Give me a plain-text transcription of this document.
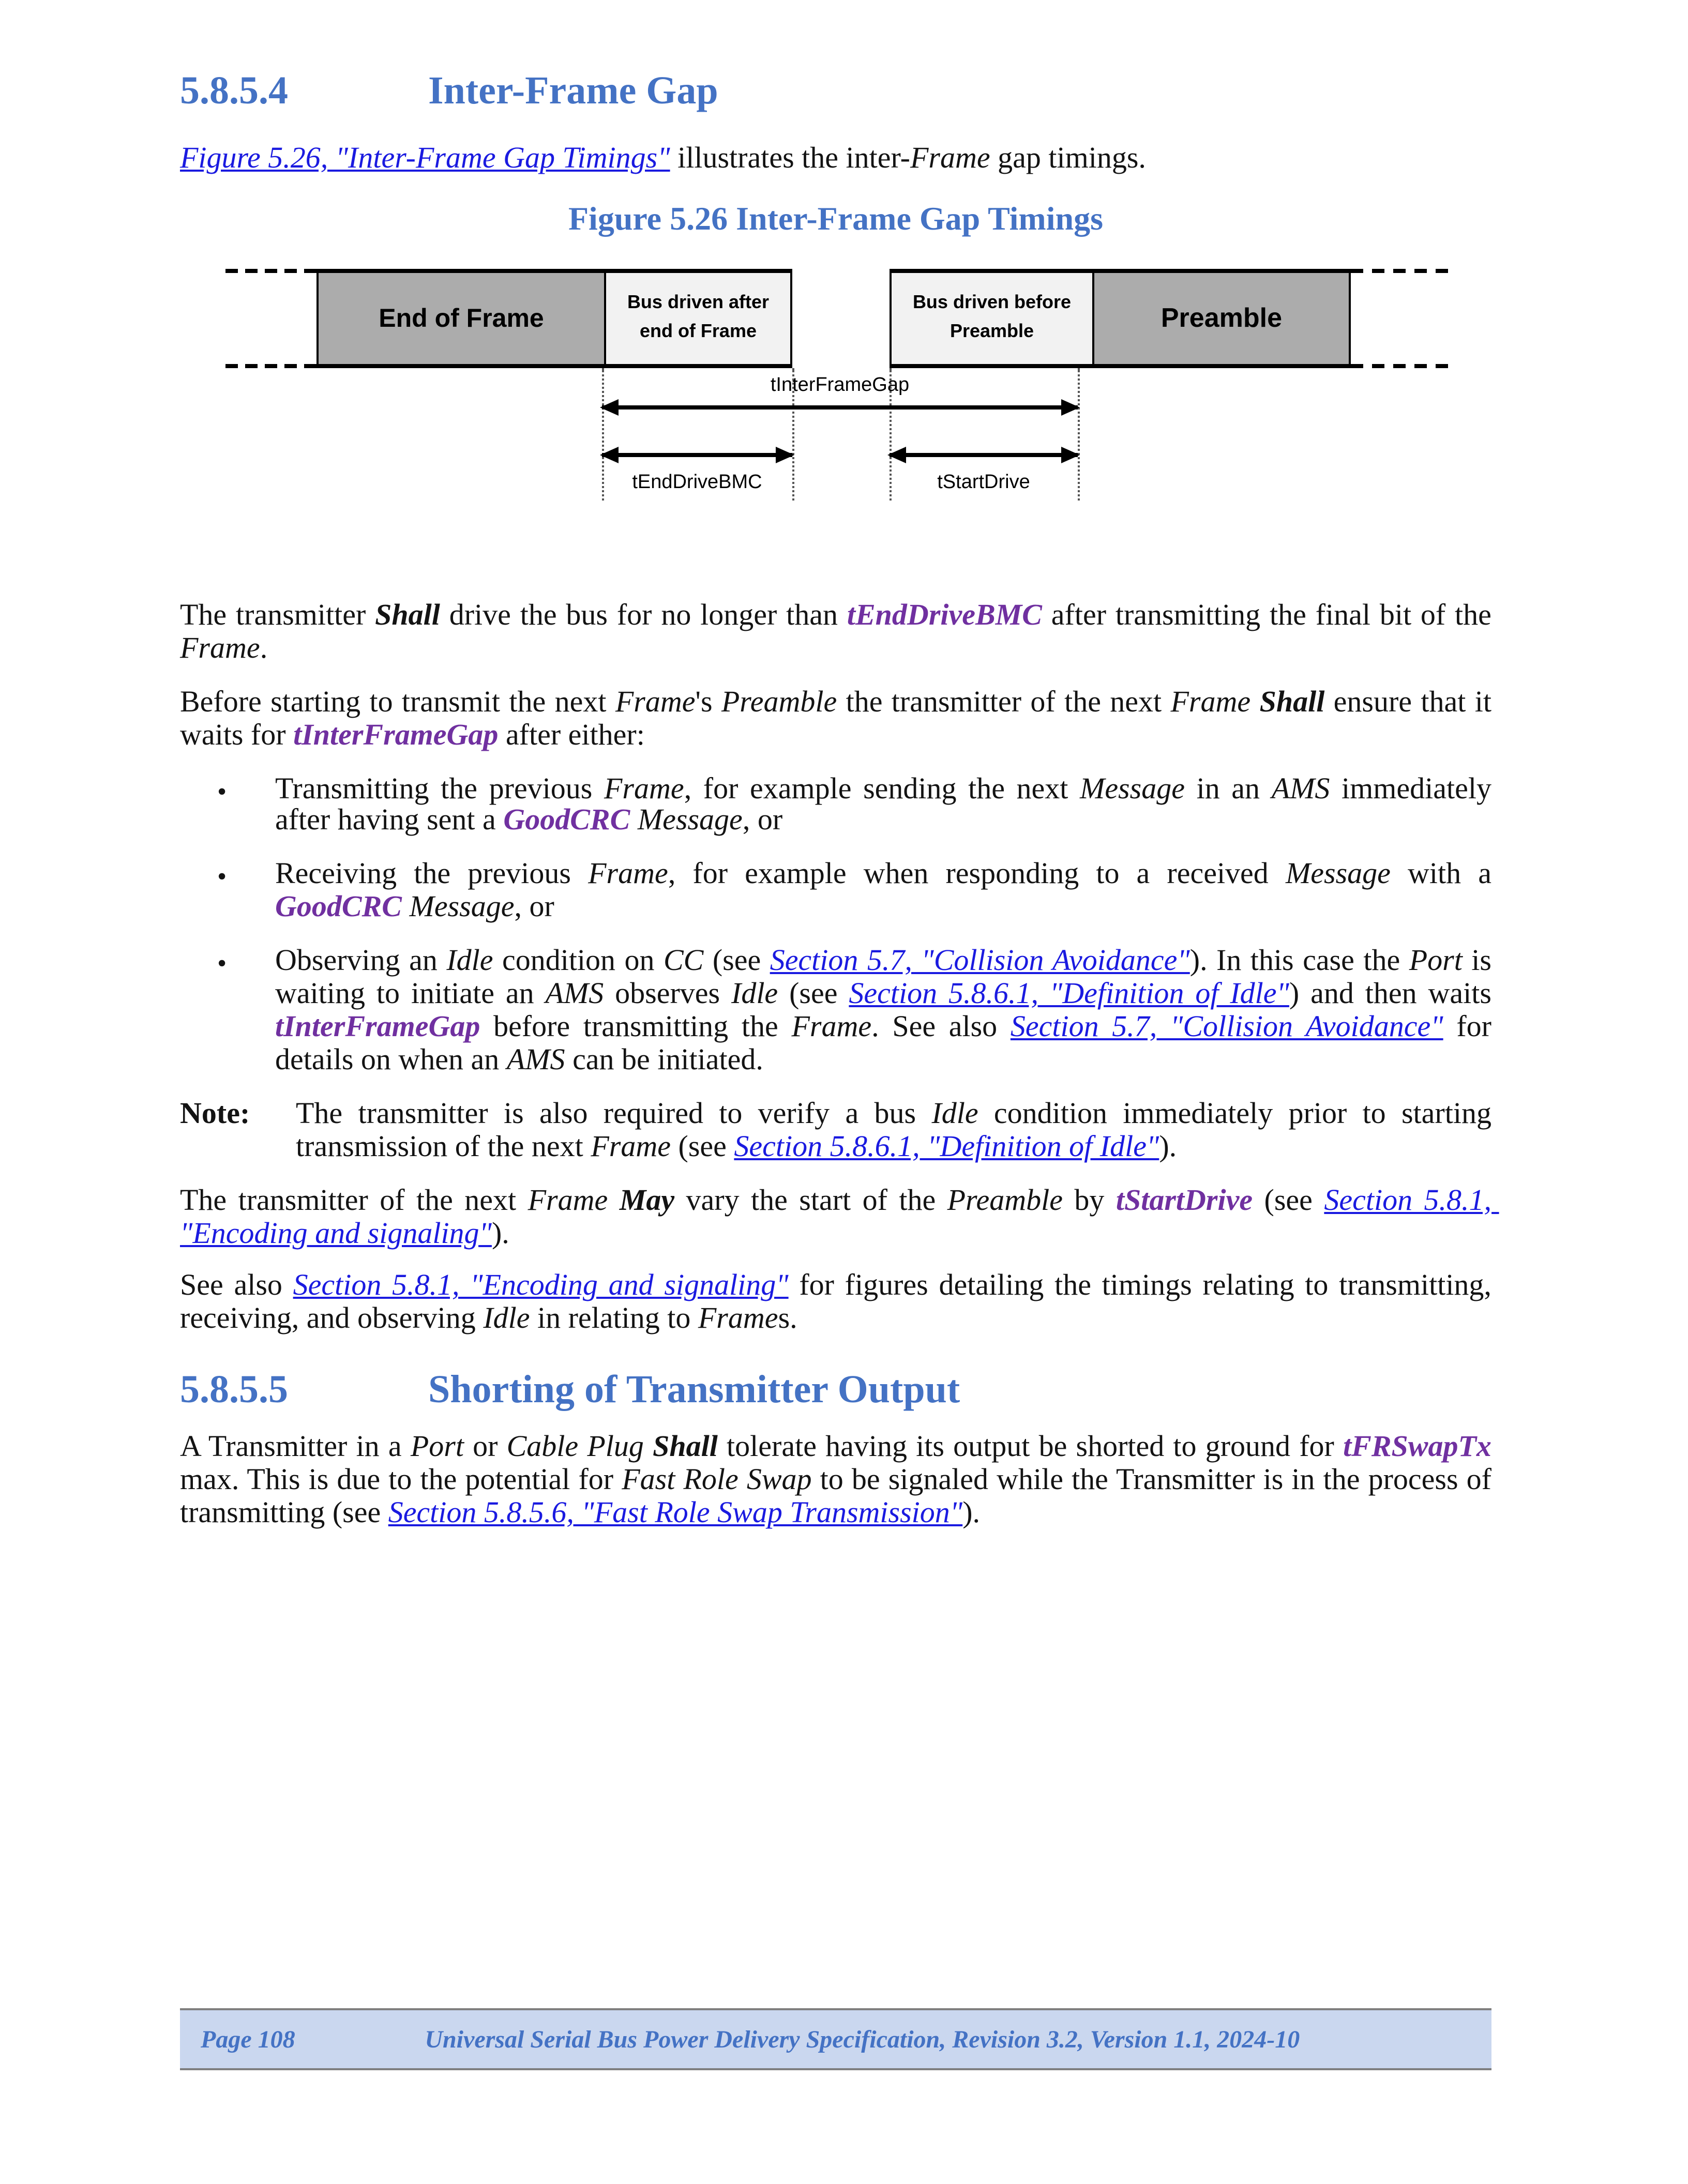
5.8.5.4	Inter-Frame Gap

Figure 5.26, "Inter-Frame Gap Timings" illustrates the inter-Frame gap timings.

Figure 5.26 Inter-Frame Gap Timings

End of Frame
Bus driven after end of Frame
Bus driven before Preamble	Preamble
tInterFrameGap
tEndDriveBMC	tStartDrive

The transmitter Shall drive the bus for no longer than tEndDriveBMC after transmitting the final bit of the Frame.

Before starting to transmit the next Frame's Preamble the transmitter of the next Frame Shall ensure that it waits for tInterFrameGap after either:

•	Transmitting the previous Frame, for example sending the next Message in an AMS immediately after having sent a GoodCRC Message, or
•	Receiving the previous Frame, for example when responding to a received Message with a GoodCRC Message, or
•	Observing an Idle condition on CC (see Section 5.7, "Collision Avoidance"). In this case the Port is waiting to initiate an AMS observes Idle (see Section 5.8.6.1, "Definition of Idle") and then waits tInterFrameGap before transmitting the Frame. See also Section 5.7, "Collision Avoidance" for details on when an AMS can be initiated.
Note:	The transmitter is also required to verify a bus Idle condition immediately prior to starting transmission of the next Frame (see Section 5.8.6.1, "Definition of Idle").

The transmitter of the next Frame May vary the start of the Preamble by tStartDrive (see Section 5.8.1, "Encoding and signaling").

See also Section 5.8.1, "Encoding and signaling" for figures detailing the timings relating to transmitting, receiving, and observing Idle in relating to Frames.

5.8.5.5	Shorting of Transmitter Output

A Transmitter in a Port or Cable Plug Shall tolerate having its output be shorted to ground for tFRSwapTx max. This is due to the potential for Fast Role Swap to be signaled while the Transmitter is in the process of transmitting (see Section 5.8.5.6, "Fast Role Swap Transmission").

Page 108	Universal Serial Bus Power Delivery Specification, Revision 3.2, Version 1.1, 2024-10
